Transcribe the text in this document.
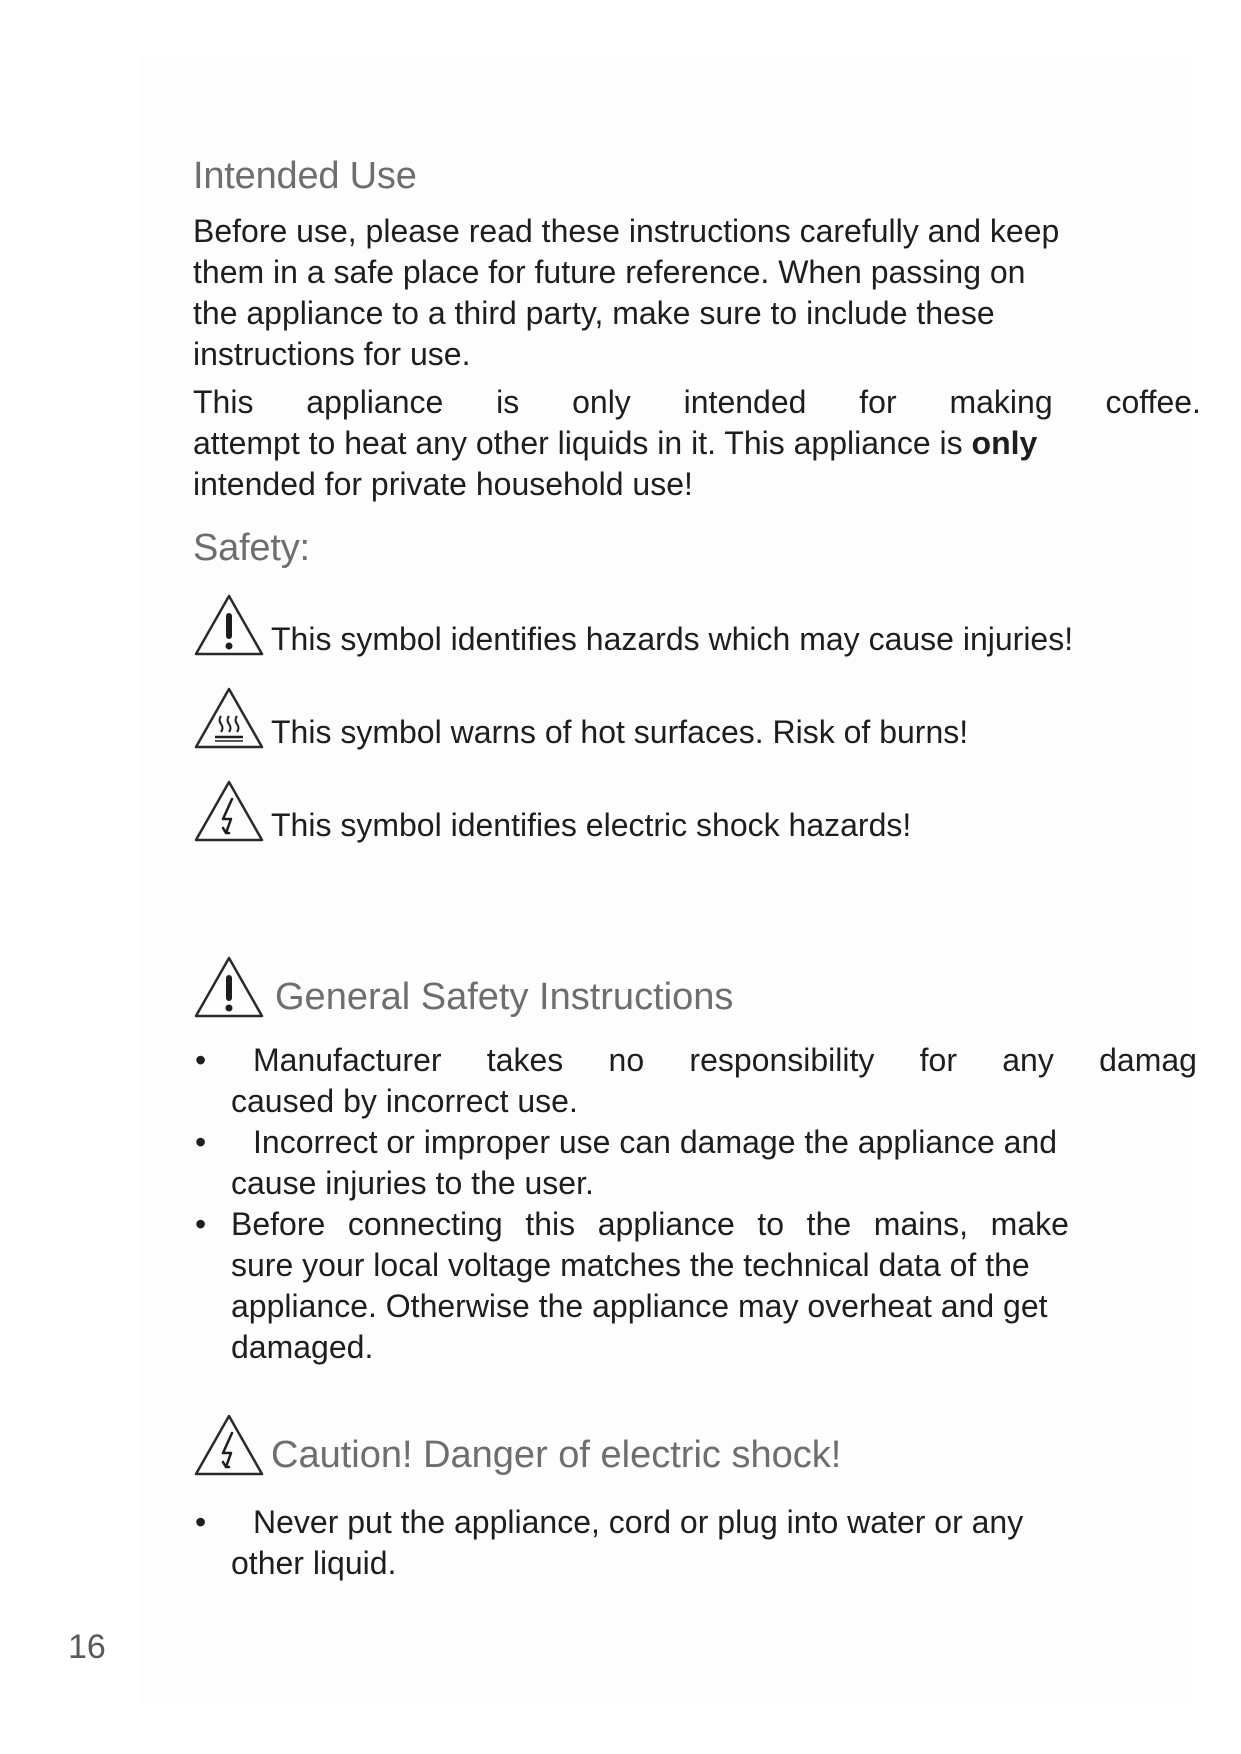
Intended Use

Before use, please read these instructions carefully and keep
them in a safe place for future reference. When passing on
the appliance to a third party, make sure to include these
instructions for use.

This appliance is only intended for making coffee.
attempt to heat any other liquids in it. This appliance is only
intended for private household use!
Safety:
This symbol identifies hazards which may cause injuries!
This symbol warns of hot surfaces. Risk of burns!
This symbol identifies electric shock hazards!
General Safety Instructions
• Manufacturer takes no responsibility for any damag
caused by incorrect use.
•	Incorrect or improper use can damage the appliance and
cause injuries to the user.
• Before connecting this appliance to the mains, make
sure your local voltage matches the technical data of the
appliance. Otherwise the appliance may overheat and get
damaged.
Caution! Danger of electric shock!
•	Never put the appliance, cord or plug into water or any
other liquid.
16
